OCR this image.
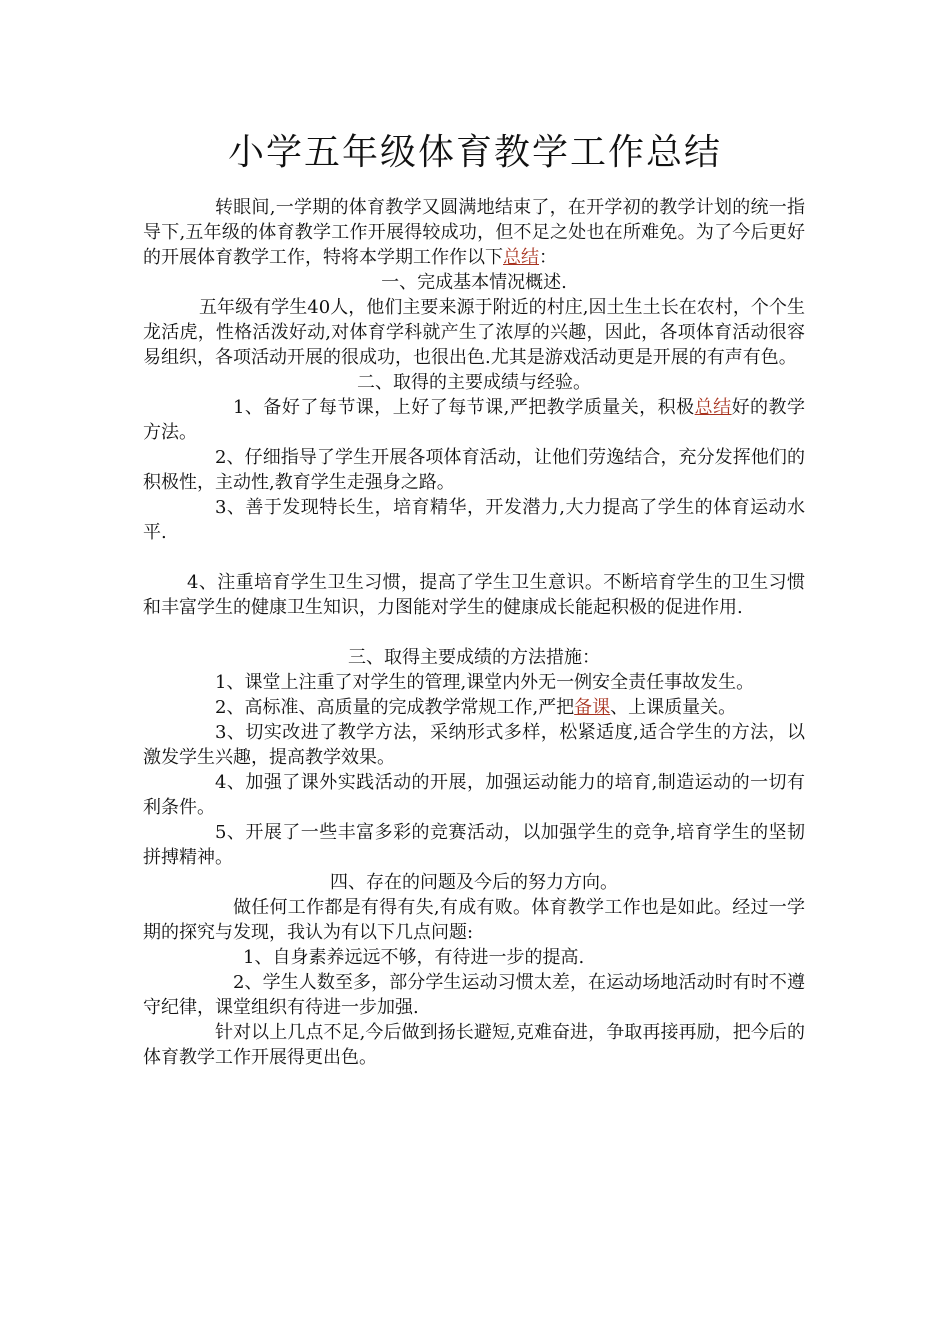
小学五年级体育教学工作总结

转眼间,一学期的体育教学又圆满地结束了，在开学初的教学计划的统一指导下,五年级的体育教学工作开展得较成功，但不足之处也在所难免。为了今后更好的开展体育教学工作，特将本学期工作作以下总结：

一、完成基本情况概述.

五年级有学生40人，他们主要来源于附近的村庄,因土生土长在农村，个个生龙活虎，性格活泼好动,对体育学科就产生了浓厚的兴趣，因此，各项体育活动很容易组织，各项活动开展的很成功，也很出色.尤其是游戏活动更是开展的有声有色。

二、取得的主要成绩与经验。

1、备好了每节课，上好了每节课,严把教学质量关，积极总结好的教学方法。

2、仔细指导了学生开展各项体育活动，让他们劳逸结合，充分发挥他们的积极性，主动性,教育学生走强身之路。

3、善于发现特长生，培育精华，开发潜力,大力提高了学生的体育运动水平.

4、注重培育学生卫生习惯，提高了学生卫生意识。不断培育学生的卫生习惯和丰富学生的健康卫生知识，力图能对学生的健康成长能起积极的促进作用.

三、取得主要成绩的方法措施：

1、课堂上注重了对学生的管理,课堂内外无一例安全责任事故发生。

2、高标准、高质量的完成教学常规工作,严把备课、上课质量关。

3、切实改进了教学方法，采纳形式多样，松紧适度,适合学生的方法，以激发学生兴趣，提高教学效果。

4、加强了课外实践活动的开展，加强运动能力的培育,制造运动的一切有利条件。

5、开展了一些丰富多彩的竞赛活动，以加强学生的竞争,培育学生的坚韧拼搏精神。

四、存在的问题及今后的努力方向。

做任何工作都是有得有失,有成有败。体育教学工作也是如此。经过一学期的探究与发现，我认为有以下几点问题:

1、自身素养远远不够，有待进一步的提高.

2、学生人数至多，部分学生运动习惯太差，在运动场地活动时有时不遵守纪律，课堂组织有待进一步加强.

针对以上几点不足,今后做到扬长避短,克难奋进，争取再接再励，把今后的体育教学工作开展得更出色。
